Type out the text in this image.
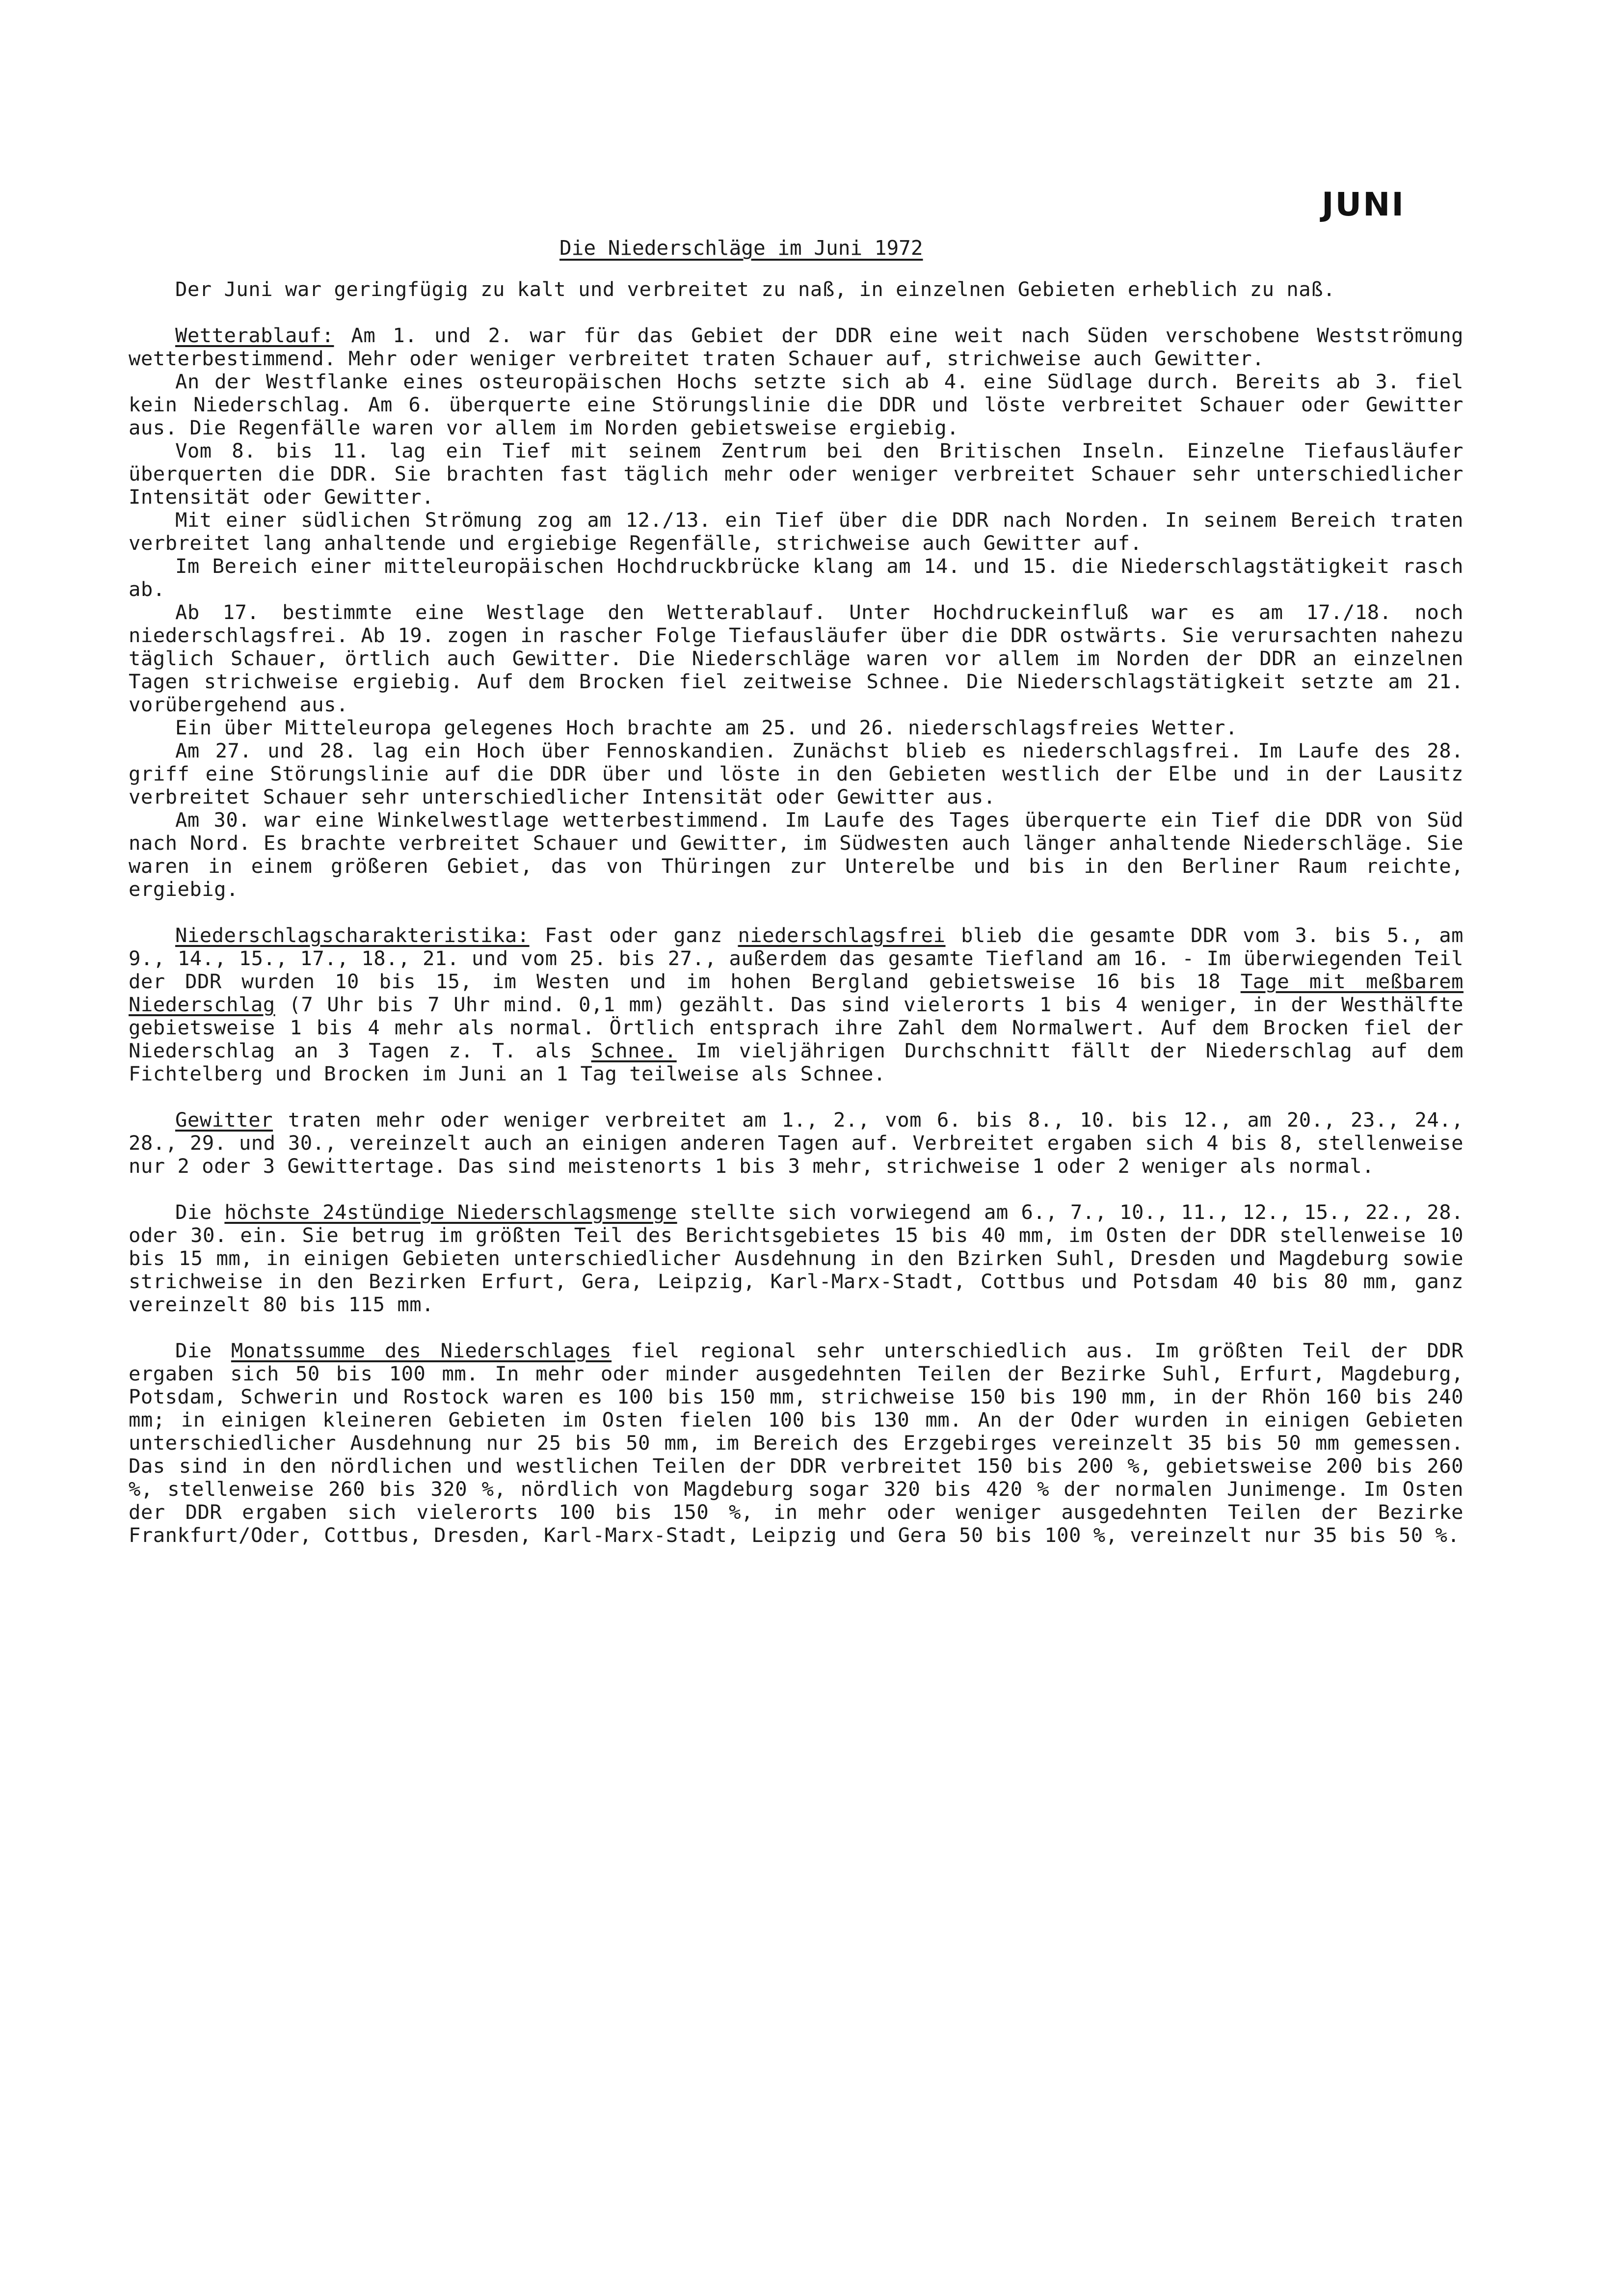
JUNI
Die Niederschläge im Juni 1972

Der Juni war geringfügig zu kalt und verbreitet zu naß, in einzelnen Gebieten erheblich zu naß.

Wetterablauf: Am 1. und 2. war für das Gebiet der DDR eine weit nach Süden verschobene Westströmung wetterbestimmend. Mehr oder weniger verbreitet traten Schauer auf, strichweise auch Gewitter.

An der Westflanke eines osteuropäischen Hochs setzte sich ab 4. eine Südlage durch. Bereits ab 3. fiel kein Niederschlag. Am 6. überquerte eine Störungslinie die DDR und löste verbreitet Schauer oder Gewitter aus. Die Regenfälle waren vor allem im Norden gebietsweise ergiebig.

Vom 8. bis 11. lag ein Tief mit seinem Zentrum bei den Britischen Inseln. Einzelne Tiefausläufer überquerten die DDR. Sie brachten fast täglich mehr oder weniger verbreitet Schauer sehr unterschiedlicher Intensität oder Gewitter.

Mit einer südlichen Strömung zog am 12./13. ein Tief über die DDR nach Norden. In seinem Bereich traten verbreitet lang anhaltende und ergiebige Regenfälle, strichweise auch Gewitter auf.

Im Bereich einer mitteleuropäischen Hochdruckbrücke klang am 14. und 15. die Niederschlagstätigkeit rasch ab.

Ab 17. bestimmte eine Westlage den Wetterablauf. Unter Hochdruckeinfluß war es am 17./18. noch niederschlagsfrei. Ab 19. zogen in rascher Folge Tiefausläufer über die DDR ostwärts. Sie verursachten nahezu täglich Schauer, örtlich auch Gewitter. Die Niederschläge waren vor allem im Norden der DDR an einzelnen Tagen strichweise ergiebig. Auf dem Brocken fiel zeitweise Schnee. Die Niederschlagstätigkeit setzte am 21. vorübergehend aus.

Ein über Mitteleuropa gelegenes Hoch brachte am 25. und 26. niederschlagsfreies Wetter.

Am 27. und 28. lag ein Hoch über Fennoskandien. Zunächst blieb es niederschlagsfrei. Im Laufe des 28. griff eine Störungslinie auf die DDR über und löste in den Gebieten westlich der Elbe und in der Lausitz verbreitet Schauer sehr unterschiedlicher Intensität oder Gewitter aus.

Am 30. war eine Winkelwestlage wetterbestimmend. Im Laufe des Tages überquerte ein Tief die DDR von Süd nach Nord. Es brachte verbreitet Schauer und Gewitter, im Südwesten auch länger anhaltende Niederschläge. Sie waren in einem größeren Gebiet, das von Thüringen zur Unterelbe und bis in den Berliner Raum reichte, ergiebig.

Niederschlagscharakteristika: Fast oder ganz niederschlagsfrei blieb die gesamte DDR vom 3. bis 5., am 9., 14., 15., 17., 18., 21. und vom 25. bis 27., außerdem das gesamte Tiefland am 16. - Im überwiegenden Teil der DDR wurden 10 bis 15, im Westen und im hohen Bergland gebietsweise 16 bis 18 Tage mit meßbarem Niederschlag (7 Uhr bis 7 Uhr mind. 0,1 mm) gezählt. Das sind vielerorts 1 bis 4 weniger, in der Westhälfte gebietsweise 1 bis 4 mehr als normal. Örtlich entsprach ihre Zahl dem Normalwert. Auf dem Brocken fiel der Niederschlag an 3 Tagen z. T. als Schnee. Im vieljährigen Durchschnitt fällt der Niederschlag auf dem Fichtelberg und Brocken im Juni an 1 Tag teilweise als Schnee.

Gewitter traten mehr oder weniger verbreitet am 1., 2., vom 6. bis 8., 10. bis 12., am 20., 23., 24., 28., 29. und 30., vereinzelt auch an einigen anderen Tagen auf. Verbreitet ergaben sich 4 bis 8, stellenweise nur 2 oder 3 Gewittertage. Das sind meistenorts 1 bis 3 mehr, strichweise 1 oder 2 weniger als normal.

Die höchste 24stündige Niederschlagsmenge stellte sich vorwiegend am 6., 7., 10., 11., 12., 15., 22., 28. oder 30. ein. Sie betrug im größten Teil des Berichtsgebietes 15 bis 40 mm, im Osten der DDR stellenweise 10 bis 15 mm, in einigen Gebieten unterschiedlicher Ausdehnung in den Bzirken Suhl, Dresden und Magdeburg sowie strichweise in den Bezirken Erfurt, Gera, Leipzig, Karl-Marx-Stadt, Cottbus und Potsdam 40 bis 80 mm, ganz vereinzelt 80 bis 115 mm.

Die Monatssumme des Niederschlages fiel regional sehr unterschiedlich aus. Im größten Teil der DDR ergaben sich 50 bis 100 mm. In mehr oder minder ausgedehnten Teilen der Bezirke Suhl, Erfurt, Magdeburg, Potsdam, Schwerin und Rostock waren es 100 bis 150 mm, strichweise 150 bis 190 mm, in der Rhön 160 bis 240 mm; in einigen kleineren Gebieten im Osten fielen 100 bis 130 mm. An der Oder wurden in einigen Gebieten unterschiedlicher Ausdehnung nur 25 bis 50 mm, im Bereich des Erzgebirges vereinzelt 35 bis 50 mm gemessen. Das sind in den nördlichen und westlichen Teilen der DDR verbreitet 150 bis 200 %, gebietsweise 200 bis 260 %, stellenweise 260 bis 320 %, nördlich von Magdeburg sogar 320 bis 420 % der normalen Junimenge. Im Osten der DDR ergaben sich vielerorts 100 bis 150 %, in mehr oder weniger ausgedehnten Teilen der Bezirke Frankfurt/Oder, Cottbus, Dresden, Karl-Marx-Stadt, Leipzig und Gera 50 bis 100 %, vereinzelt nur 35 bis 50 %.
